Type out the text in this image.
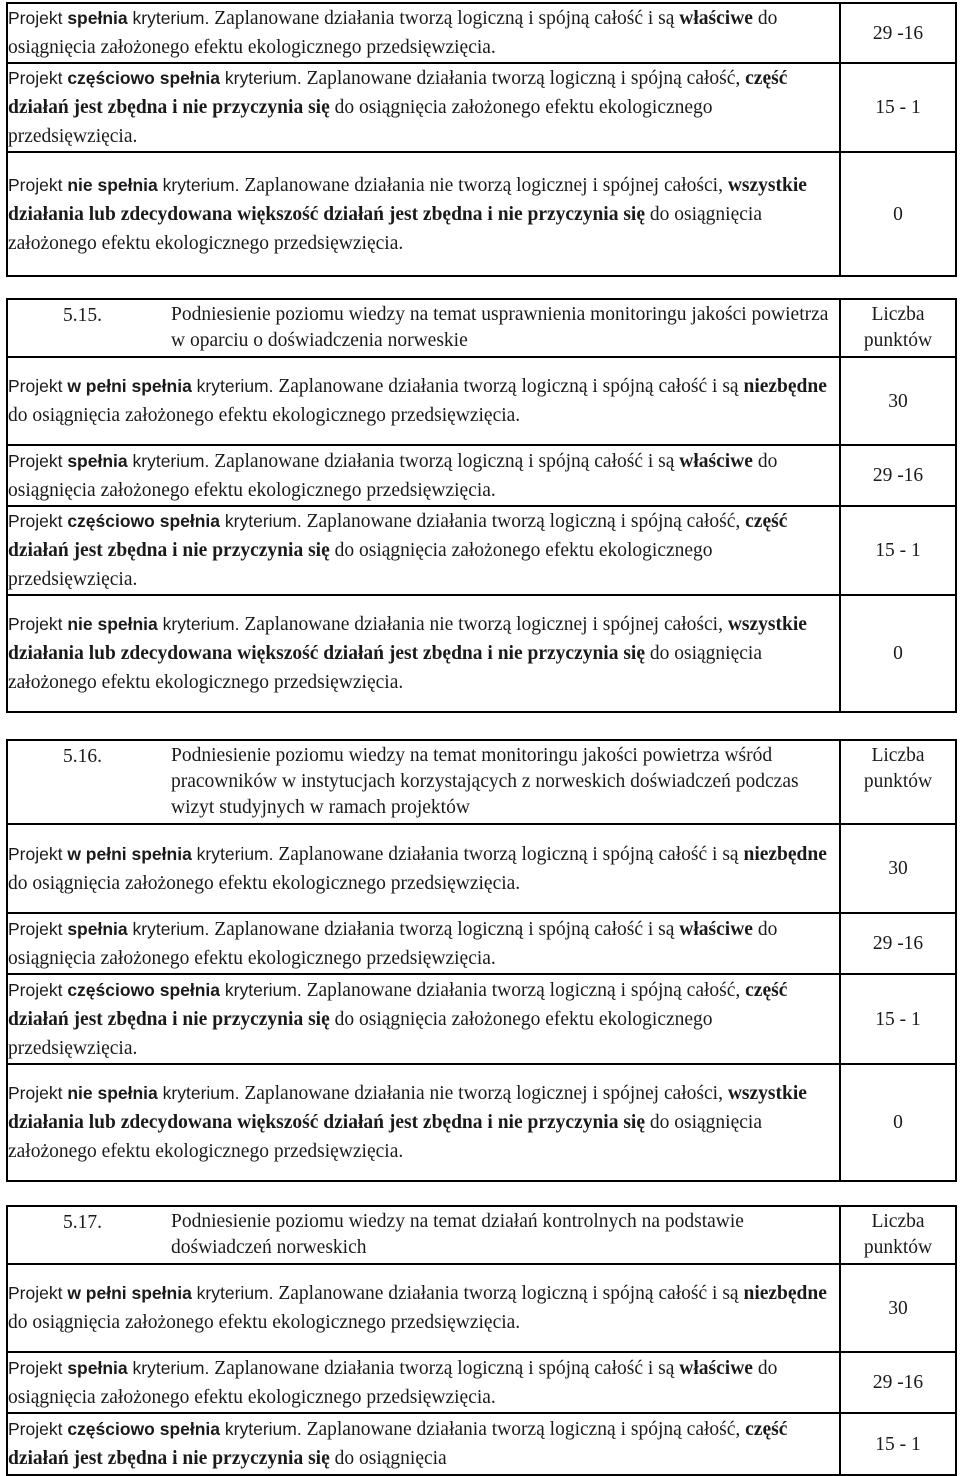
Projekt spełnia kryterium. Zaplanowane działania tworzą logiczną i spójną całość i są właściwe do osiągnięcia założonego efektu ekologicznego przedsięwzięcia.	29 -16
Projekt częściowo spełnia kryterium. Zaplanowane działania tworzą logiczną i spójną całość, część działań jest zbędna i nie przyczynia się do osiągnięcia założonego efektu ekologicznego przedsięwzięcia.	15 - 1
Projekt nie spełnia kryterium. Zaplanowane działania nie tworzą logicznej i spójnej całości, wszystkie działania lub zdecydowana większość działań jest zbędna i nie przyczynia się do osiągnięcia założonego efektu ekologicznego przedsięwzięcia.	0
5.15. Podniesienie poziomu wiedzy na temat usprawnienia monitoringu jakości powietrza w oparciu o doświadczenia norweskie	Liczba punktów

Projekt w pełni spełnia kryterium. Zaplanowane działania tworzą logiczną i spójną całość i są niezbędne do osiągnięcia założonego efektu ekologicznego przedsięwzięcia.	30
Projekt spełnia kryterium. Zaplanowane działania tworzą logiczną i spójną całość i są właściwe do osiągnięcia założonego efektu ekologicznego przedsięwzięcia.	29 -16
Projekt częściowo spełnia kryterium. Zaplanowane działania tworzą logiczną i spójną całość, część działań jest zbędna i nie przyczynia się do osiągnięcia założonego efektu ekologicznego przedsięwzięcia.	15 - 1
Projekt nie spełnia kryterium. Zaplanowane działania nie tworzą logicznej i spójnej całości, wszystkie działania lub zdecydowana większość działań jest zbędna i nie przyczynia się do osiągnięcia założonego efektu ekologicznego przedsięwzięcia.	0
5.16. Podniesienie poziomu wiedzy na temat monitoringu jakości powietrza wśród pracowników w instytucjach korzystających z norweskich doświadczeń podczas wizyt studyjnych w ramach projektów	Liczba punktów

Projekt w pełni spełnia kryterium. Zaplanowane działania tworzą logiczną i spójną całość i są niezbędne do osiągnięcia założonego efektu ekologicznego przedsięwzięcia.	30
Projekt spełnia kryterium. Zaplanowane działania tworzą logiczną i spójną całość i są właściwe do osiągnięcia założonego efektu ekologicznego przedsięwzięcia.	29 -16
Projekt częściowo spełnia kryterium. Zaplanowane działania tworzą logiczną i spójną całość, część działań jest zbędna i nie przyczynia się do osiągnięcia założonego efektu ekologicznego przedsięwzięcia.	15 - 1
Projekt nie spełnia kryterium. Zaplanowane działania nie tworzą logicznej i spójnej całości, wszystkie działania lub zdecydowana większość działań jest zbędna i nie przyczynia się do osiągnięcia założonego efektu ekologicznego przedsięwzięcia.	0
5.17. Podniesienie poziomu wiedzy na temat działań kontrolnych na podstawie doświadczeń norweskich	Liczba punktów

Projekt w pełni spełnia kryterium. Zaplanowane działania tworzą logiczną i spójną całość i są niezbędne do osiągnięcia założonego efektu ekologicznego przedsięwzięcia.	30
Projekt spełnia kryterium. Zaplanowane działania tworzą logiczną i spójną całość i są właściwe do osiągnięcia założonego efektu ekologicznego przedsięwzięcia.	29 -16
Projekt częściowo spełnia kryterium. Zaplanowane działania tworzą logiczną i spójną całość, część działań jest zbędna i nie przyczynia się do osiągnięcia	15 - 1
